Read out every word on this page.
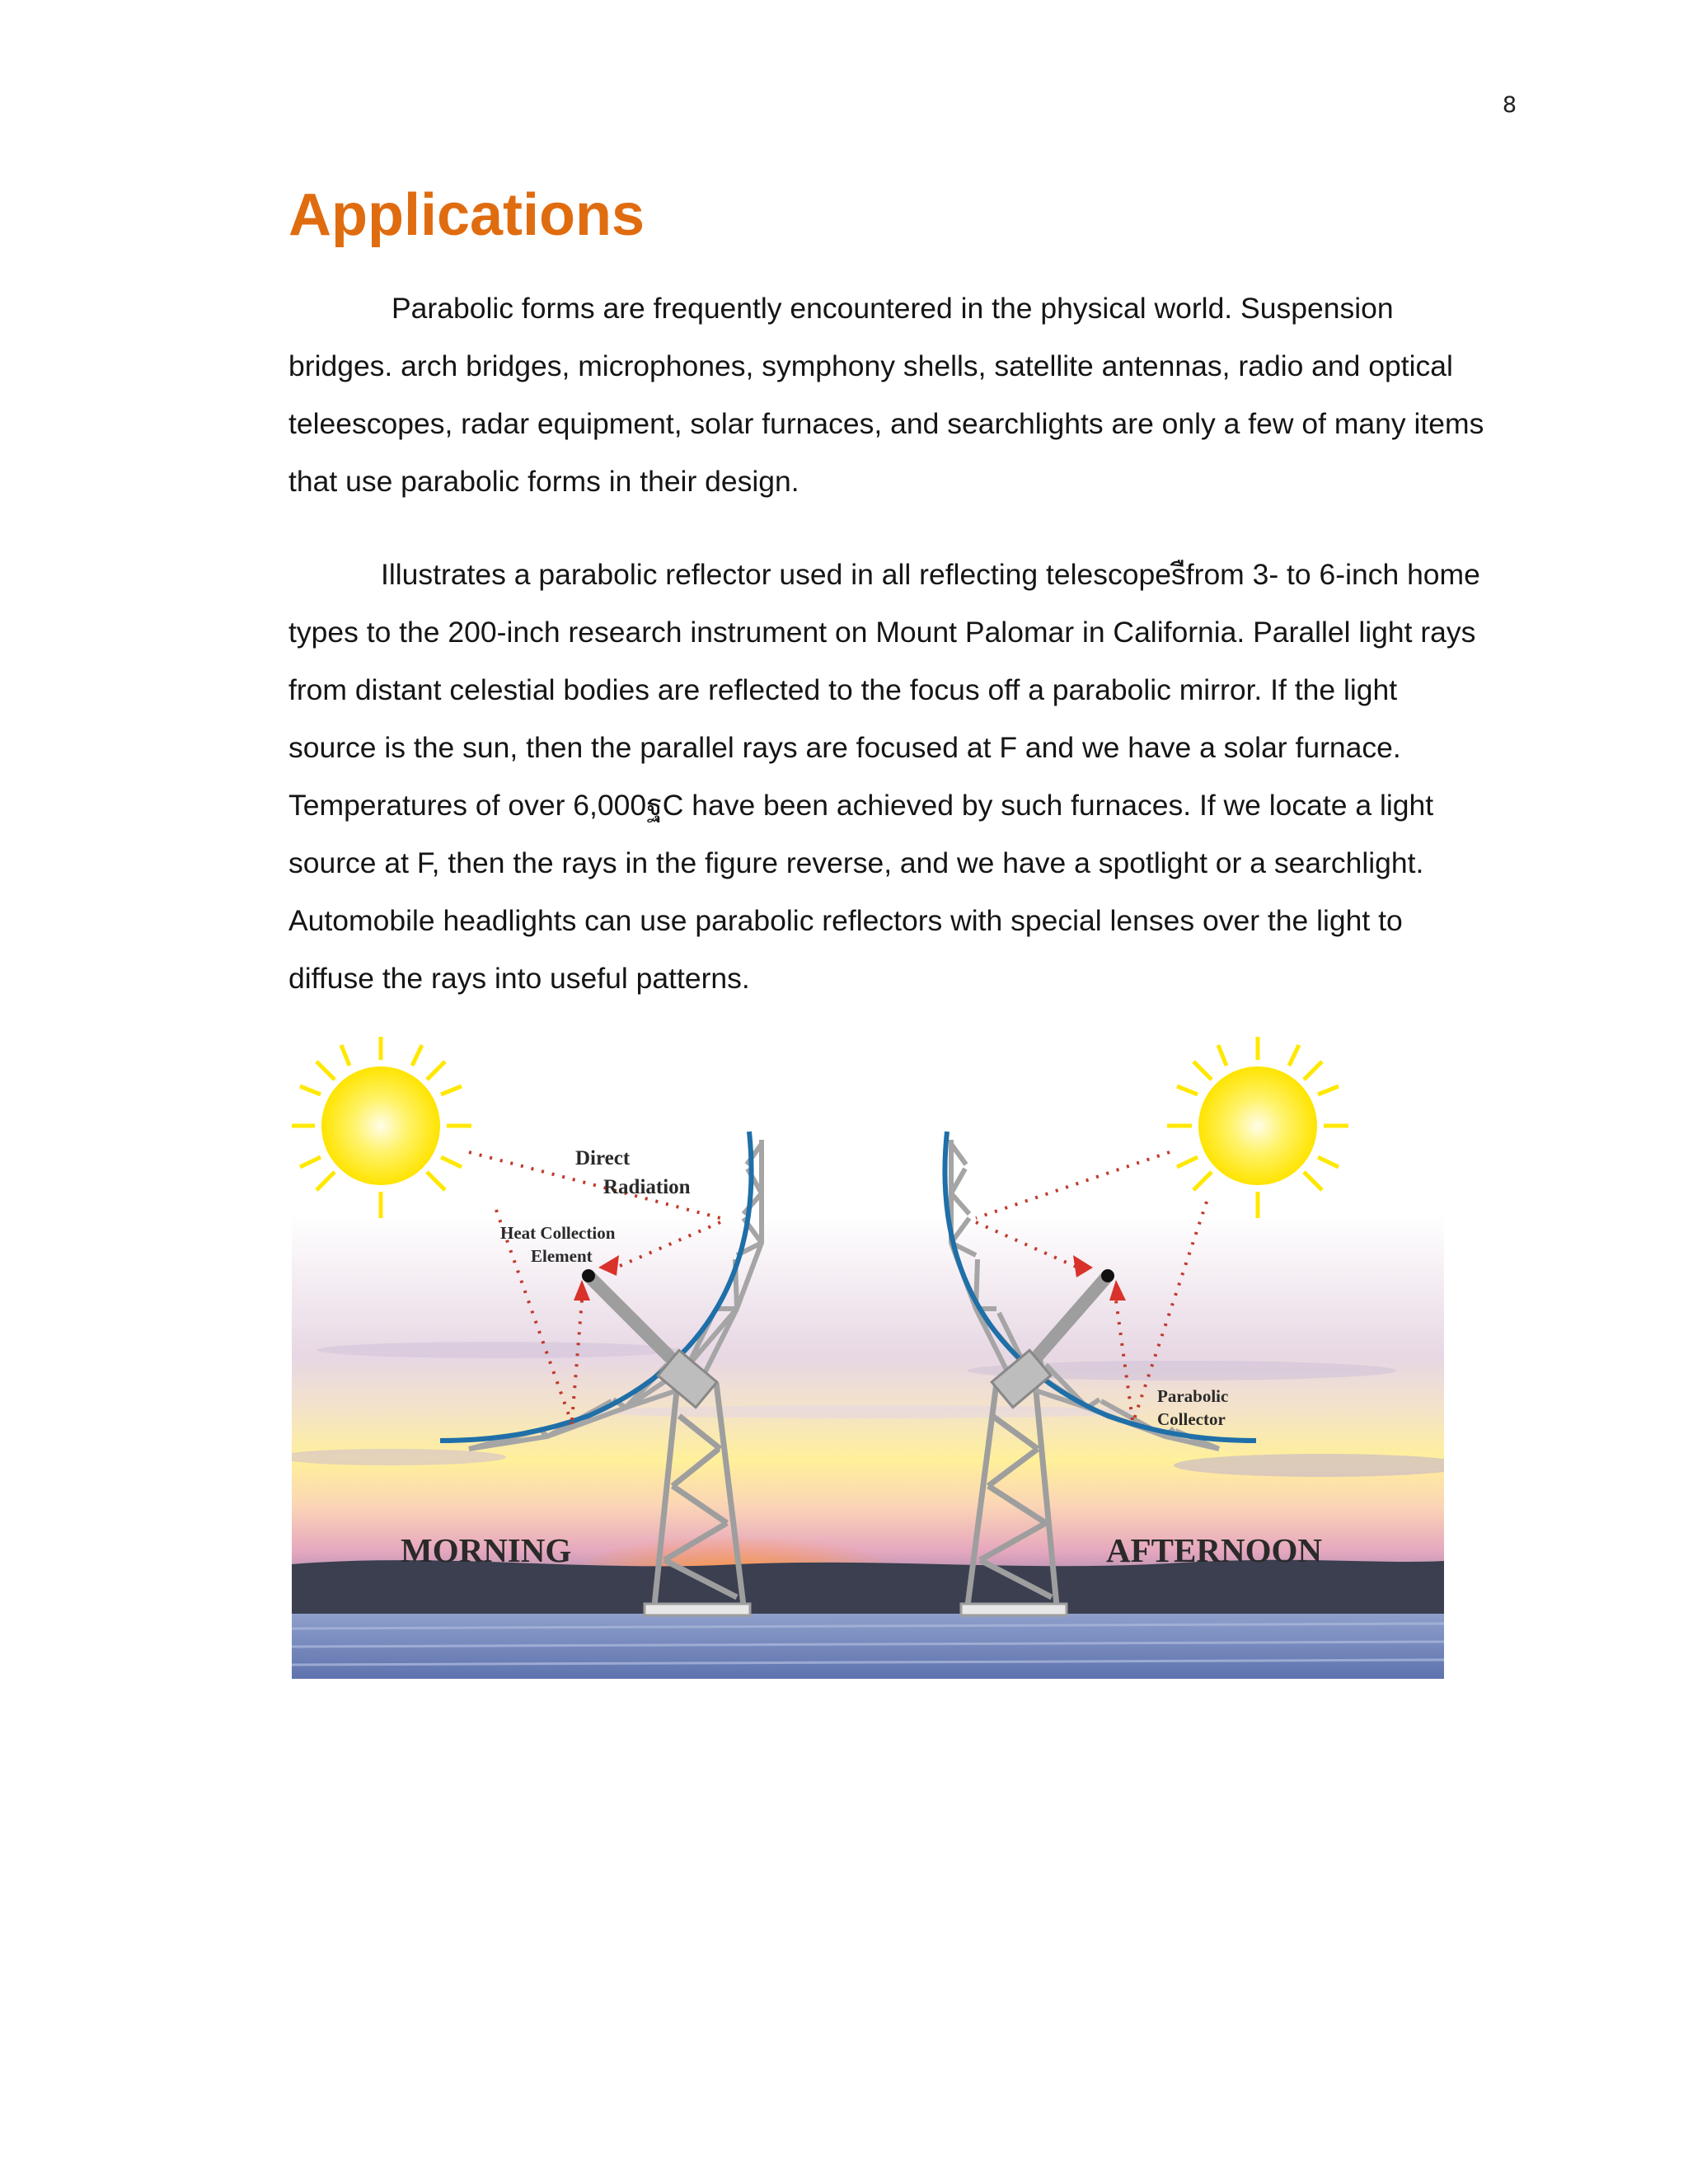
8
Applications

Parabolic forms are frequently encountered in the physical world. Suspension bridges. arch bridges, microphones, symphony shells, satellite antennas, radio and optical teleescopes, radar equipment, solar furnaces, and searchlights are only a few of many items that use parabolic forms in their design.

Illustrates a parabolic reflector used in all reflecting telescopesืfrom 3- to 6-inch home types to the 200-inch research instrument on Mount Palomar in California. Parallel light rays from distant celestial bodies are reflected to the focus off a parabolic mirror. If the light source is the sun, then the parallel rays are focused at F and we have a solar furnace. Temperatures of over 6,000ฐC have been achieved by such furnaces. If we locate a light source at F, then the rays in the figure reverse, and we have a spotlight or a searchlight. Automobile headlights can use parabolic reflectors with special lenses over the light to diffuse the rays into useful patterns.

Direct
Radiation
Heat Collection
Element
Parabolic
Collector
MORNING	AFTERNOON
